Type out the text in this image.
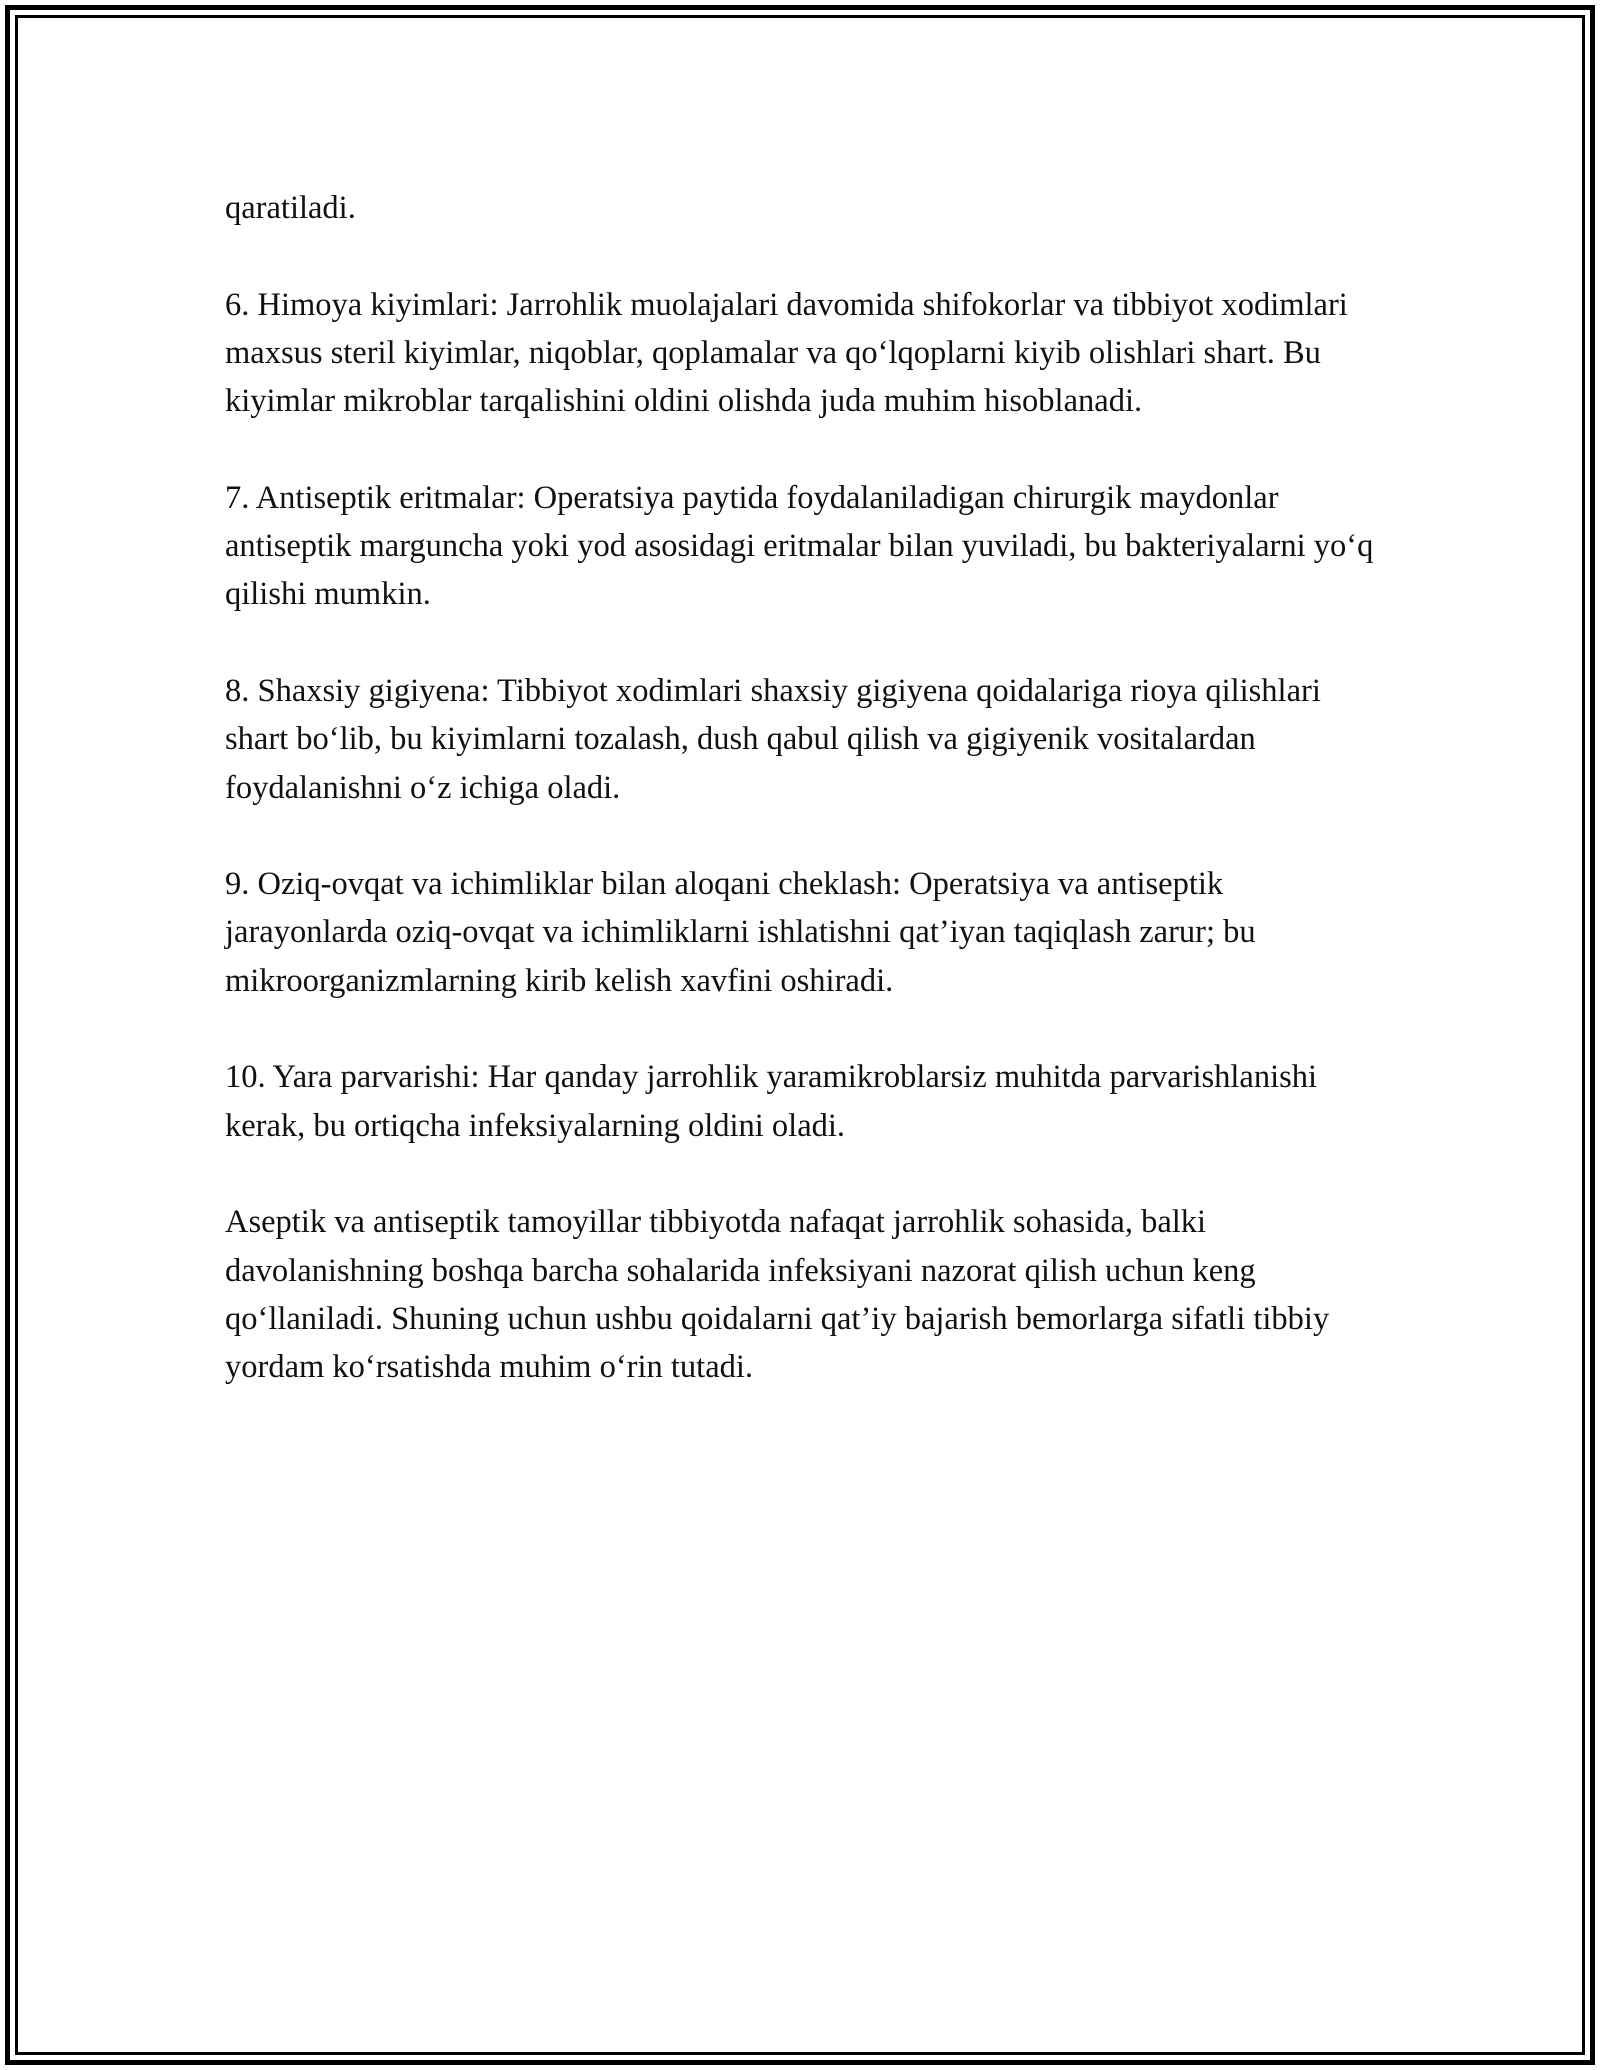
qaratiladi.

6. Himoya kiyimlari: Jarrohlik muolajalari davomida shifokorlar va tibbiyot xodimlari maxsus steril kiyimlar, niqoblar, qoplamalar va qo‘lqoplarni kiyib olishlari shart. Bu kiyimlar mikroblar tarqalishini oldini olishda juda muhim hisoblanadi.

7. Antiseptik eritmalar: Operatsiya paytida foydalaniladigan chirurgik maydonlar antiseptik marguncha yoki yod asosidagi eritmalar bilan yuviladi, bu bakteriyalarni yo‘q qilishi mumkin.

8. Shaxsiy gigiyena: Tibbiyot xodimlari shaxsiy gigiyena qoidalariga rioya qilishlari shart bo‘lib, bu kiyimlarni tozalash, dush qabul qilish va gigiyenik vositalardan foydalanishni o‘z ichiga oladi.

9. Oziq-ovqat va ichimliklar bilan aloqani cheklash: Operatsiya va antiseptik jarayonlarda oziq-ovqat va ichimliklarni ishlatishni qat’iyan taqiqlash zarur; bu mikroorganizmlarning kirib kelish xavfini oshiradi.

10. Yara parvarishi: Har qanday jarrohlik yaramikroblarsiz muhitda parvarishlanishi kerak, bu ortiqcha infeksiyalarning oldini oladi.

Aseptik va antiseptik tamoyillar tibbiyotda nafaqat jarrohlik sohasida, balki davolanishning boshqa barcha sohalarida infeksiyani nazorat qilish uchun keng qo‘llaniladi. Shuning uchun ushbu qoidalarni qat’iy bajarish bemorlarga sifatli tibbiy yordam ko‘rsatishda muhim o‘rin tutadi.
